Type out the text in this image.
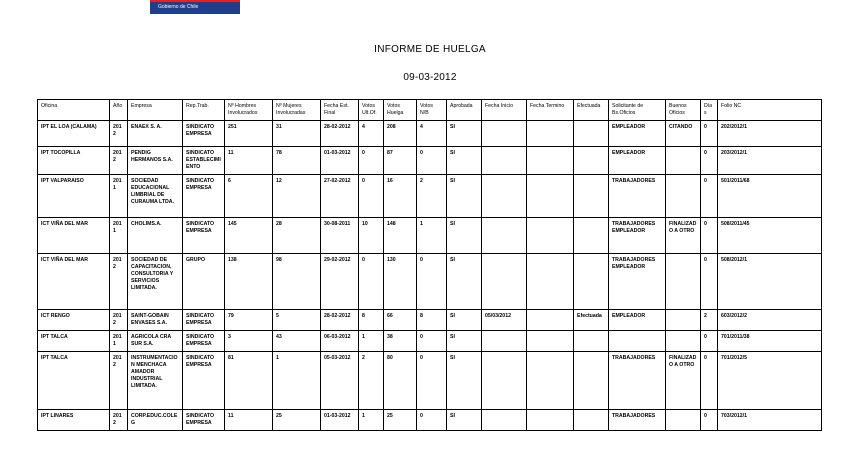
Gobierno de Chile
INFORME DE HUELGA
09-03-2012
Oficina	Año	Empresa	Rep.Trab.	Nº Hombres Involucrados	Nº Mujeres Involucradas	Fecha Est. Final	Votos Ult.Of.	Votos Huelga	Votos N/B	Aprobada	Fecha Inicio	Fecha Termino	Efectuada	Solicitante de Bs.Oficios	Buenos Oficios	Días	Folio NC
IPT EL LOA (CALAMA)	2012	ENAEX S. A.	SINDICATO EMPRESA	251	31	28-02-2012	4	208	4	SI				EMPLEADOR	CITANDO	0	202/2012/1
IPT TOCOPILLA	2012	PENDIG HERMANOS S.A.	SINDICATO ESTABLECIMIENTO	11	78	01-03-2012	0	87	0	SI				EMPLEADOR		0	203/2012/1
IPT VALPARAISO	2011	SOCIEDAD EDUCACIONAL LIMBRIAL DE CURAUMA LTDA.	SINDICATO EMPRESA	6	12	27-02-2012	0	16	2	SI				TRABAJADORES		0	501/2011/68
ICT VIÑA DEL MAR	2011	CHOLIMS.A.	SINDICATO EMPRESA	145	28	30-08-2011	10	148	1	SI				TRABAJADORES EMPLEADOR	FINALIZADO A OTRO	0	508/2011/45
ICT VIÑA DEL MAR	2012	SOCIEDAD DE CAPACITACION, CONSULTORIA Y SERVICIOS LIMITADA.	GRUPO	138	98	29-02-2012	0	130	0	SI				TRABAJADORES EMPLEADOR		0	508/2012/1
ICT RENGO	2012	SAINT-GOBAIN ENVASES S.A.	SINDICATO EMPRESA	79	5	28-02-2012	8	66	8	SI	05/03/2012		Efectuada	EMPLEADOR		2	603/2012/2
IPT TALCA	2011	AGRICOLA CRA SUR S.A.	SINDICATO EMPRESA	3	43	06-03-2012	1	38	0	SI						0	701/2011/38
IPT TALCA	2012	INSTRUMENTACION MENCHACA AMADOR INDUSTRIAL LIMITADA.	SINDICATO EMPRESA	81	1	05-03-2012	2	80	0	SI				TRABAJADORES	FINALIZADO A OTRO	0	701/2012/5
IPT LINARES	2012	CORP.EDUC.COLEG	SINDICATO EMPRESA	11	25	01-03-2012	1	25	0	SI				TRABAJADORES		0	703/2012/1
